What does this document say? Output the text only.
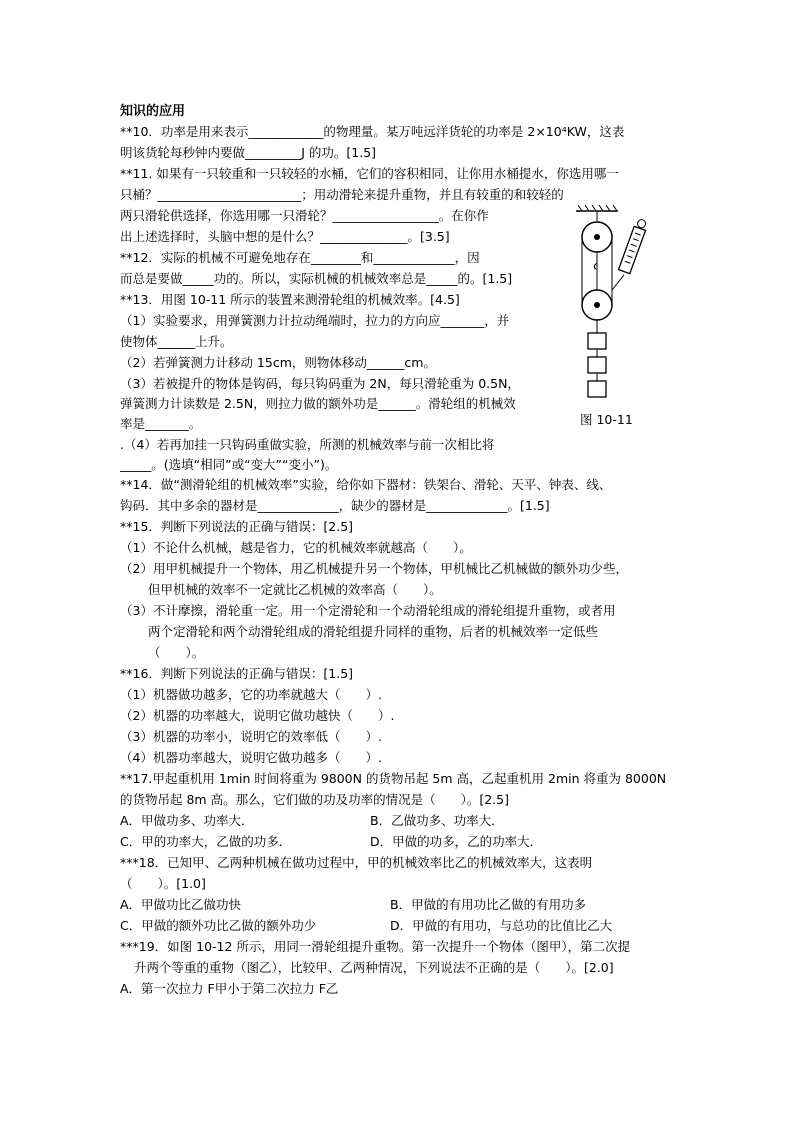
知识的应用
**10．功率是用来表示____________的物理量。某万吨远洋货轮的功率是 2×10⁴KW，这表
明该货轮每秒钟内要做_________J 的功。[1.5]
**11. 如果有一只较重和一只较轻的水桶，它们的容积相同，让你用水桶提水，你选用哪一
只桶？_______________________；用动滑轮来提升重物，并且有较重的和较轻的
两只滑轮供选择，你选用哪一只滑轮？_________________。在你作
出上述选择时，头脑中想的是什么？______________。[3.5]
**12．实际的机械不可避免地存在________和_____________，因
而总是要做_____功的。所以，实际机械的机械效率总是_____的。[1.5]
**13．用图 10-11 所示的装置来测滑轮组的机械效率。[4.5]
（1）实验要求，用弹簧测力计拉动绳端时，拉力的方向应_______，并
使物体______上升。
（2）若弹簧测力计移动 15cm，则物体移动______cm。
（3）若被提升的物体是钩码，每只钩码重为 2N，每只滑轮重为 0.5N，
弹簧测力计读数是 2.5N，则拉力做的额外功是______。滑轮组的机械效
率是_______。
.（4）若再加挂一只钩码重做实验，所测的机械效率与前一次相比将
_____。(选填“相同”或“变大”“变小”)。
**14．做“测滑轮组的机械效率”实验，给你如下器材：铁架台、滑轮、天平、钟表、线、
钩码．其中多余的器材是_____________，缺少的器材是_____________。[1.5]
**15．判断下列说法的正确与错误：[2.5]
（1）不论什么机械，越是省力，它的机械效率就越高（　　）。
（2）用甲机械提升一个物体，用乙机械提升另一个物体，甲机械比乙机械做的额外功少些，
但甲机械的效率不一定就比乙机械的效率高（　　）。
（3）不计摩擦，滑轮重一定。用一个定滑轮和一个动滑轮组成的滑轮组提升重物，或者用
两个定滑轮和两个动滑轮组成的滑轮组提升同样的重物，后者的机械效率一定低些
（　　）。
**16．判断下列说法的正确与错误：[1.5]
（1）机器做功越多，它的功率就越大（　　）.
（2）机器的功率越大，说明它做功越快（　　）.
（3）机器的功率小，说明它的效率低（　　）.
（4）机器功率越大，说明它做功越多（　　）.
**17.甲起重机用 1min 时间将重为 9800N 的货物吊起 5m 高，乙起重机用 2min 将重为 8000N
的货物吊起 8m 高。那么，它们做的功及功率的情况是（　　）。[2.5]
A．甲做功多、功率大．	B．乙做功多、功率大．
C．甲的功率大，乙做的功多．	D．甲做的功多，乙的功率大．
***18．已知甲、乙两种机械在做功过程中，甲的机械效率比乙的机械效率大，这表明
（　　）。[1.0]
A．甲做功比乙做功快	B．甲做的有用功比乙做的有用功多
C．甲做的额外功比乙做的额外功少	D．甲做的有用功，与总功的比值比乙大
***19．如图 10-12 所示，用同一滑轮组提升重物。第一次提升一个物体（图甲），第二次提
升两个等重的重物（图乙），比较甲、乙两种情况，下列说法不正确的是（　　）。[2.0]
A．第一次拉力 F甲小于第二次拉力 F乙
图 10-11
